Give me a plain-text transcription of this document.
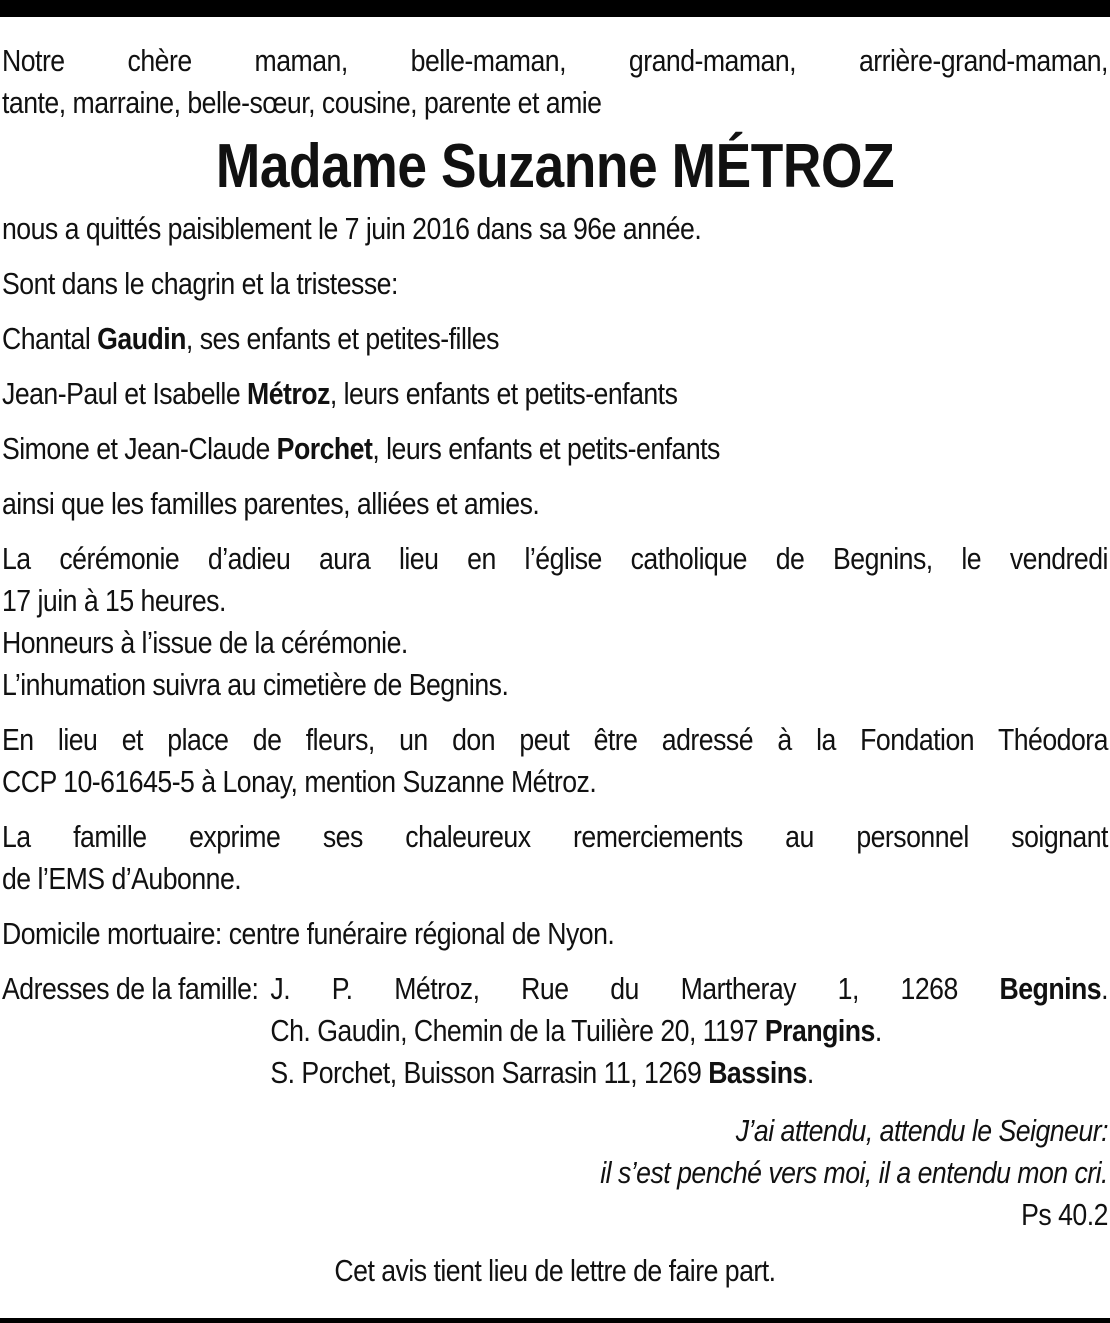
Notre chère maman, belle-maman, grand-maman, arrière-grand-maman,
tante, marraine, belle-sœur, cousine, parente et amie
Madame Suzanne MÉTROZ
nous a quittés paisiblement le 7 juin 2016 dans sa 96e année.
Sont dans le chagrin et la tristesse:
Chantal Gaudin, ses enfants et petites-filles
Jean-Paul et Isabelle Métroz, leurs enfants et petits-enfants
Simone et Jean-Claude Porchet, leurs enfants et petits-enfants
ainsi que les familles parentes, alliées et amies.
La cérémonie d’adieu aura lieu en l’église catholique de Begnins, le vendredi
17 juin à 15 heures.
Honneurs à l’issue de la cérémonie.
L’inhumation suivra au cimetière de Begnins.
En lieu et place de fleurs, un don peut être adressé à la Fondation Théodora
CCP 10-61645-5 à Lonay, mention Suzanne Métroz.
La famille exprime ses chaleureux remerciements au personnel soignant
de l’EMS d’Aubonne.
Domicile mortuaire: centre funéraire régional de Nyon.
Adresses de la famille: J. P. Métroz, Rue du Martheray 1, 1268 Begnins.
Ch. Gaudin, Chemin de la Tuilière 20, 1197 Prangins.
S. Porchet, Buisson Sarrasin 11, 1269 Bassins.
J’ai attendu, attendu le Seigneur:
il s’est penché vers moi, il a entendu mon cri.
Ps 40.2
Cet avis tient lieu de lettre de faire part.
